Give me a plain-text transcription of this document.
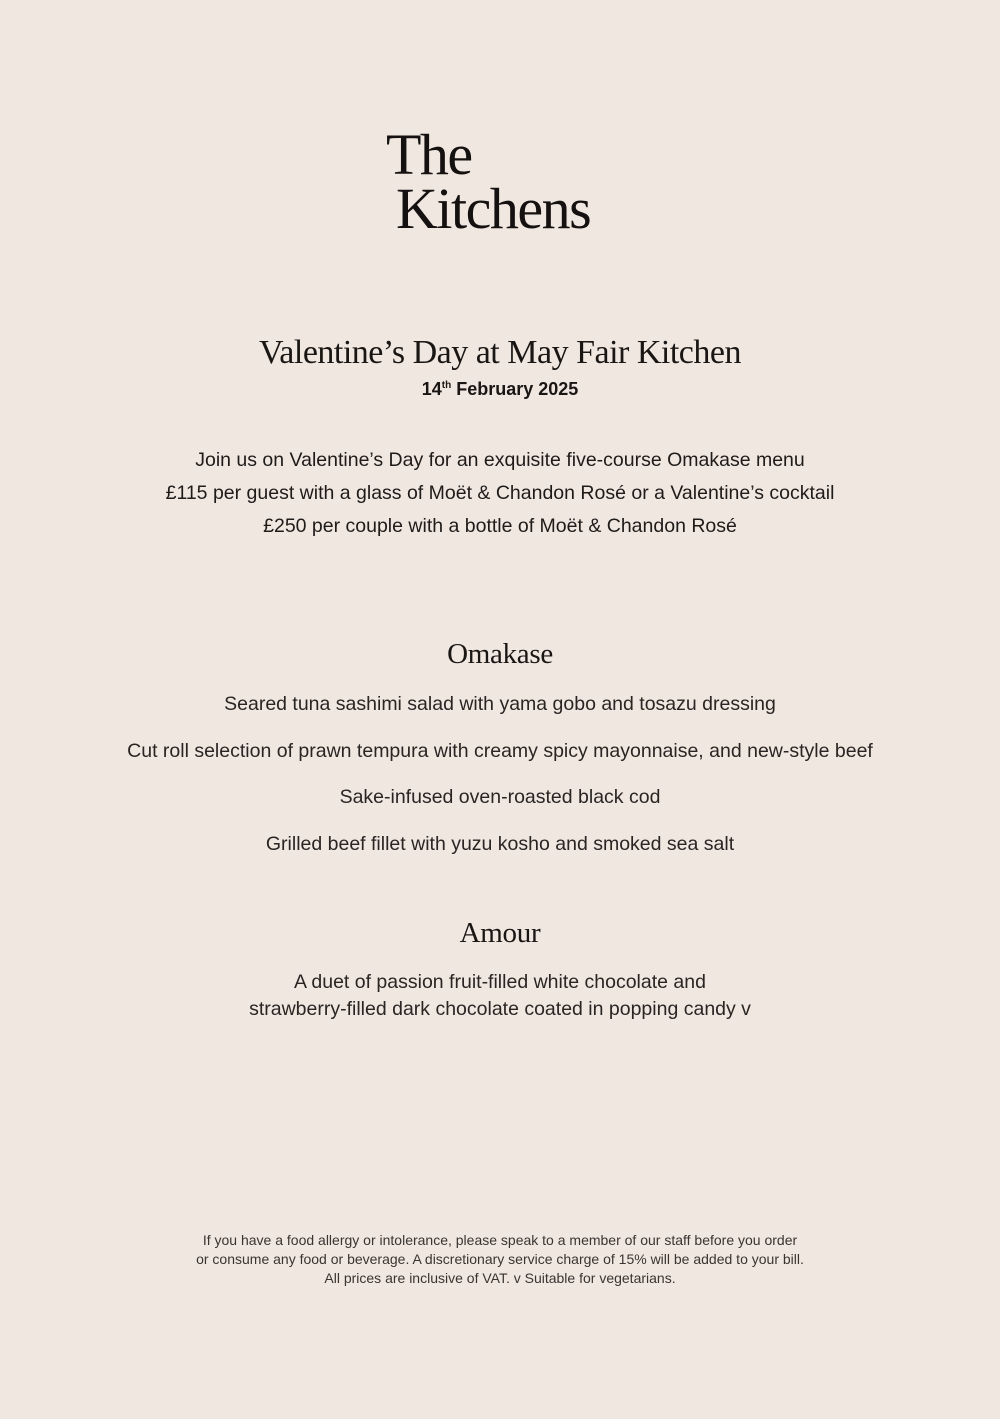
The
Kitchens
Valentine’s Day at May Fair Kitchen
14th February 2025
Join us on Valentine’s Day for an exquisite five-course Omakase menu
£115 per guest with a glass of Moët & Chandon Rosé or a Valentine’s cocktail
£250 per couple with a bottle of Moët & Chandon Rosé
Omakase
Seared tuna sashimi salad with yama gobo and tosazu dressing
Cut roll selection of prawn tempura with creamy spicy mayonnaise, and new-style beef
Sake-infused oven-roasted black cod
Grilled beef fillet with yuzu kosho and smoked sea salt
Amour
A duet of passion fruit-filled white chocolate and
strawberry-filled dark chocolate coated in popping candy v
If you have a food allergy or intolerance, please speak to a member of our staff before you order
or consume any food or beverage. A discretionary service charge of 15% will be added to your bill.
All prices are inclusive of VAT. v Suitable for vegetarians.
